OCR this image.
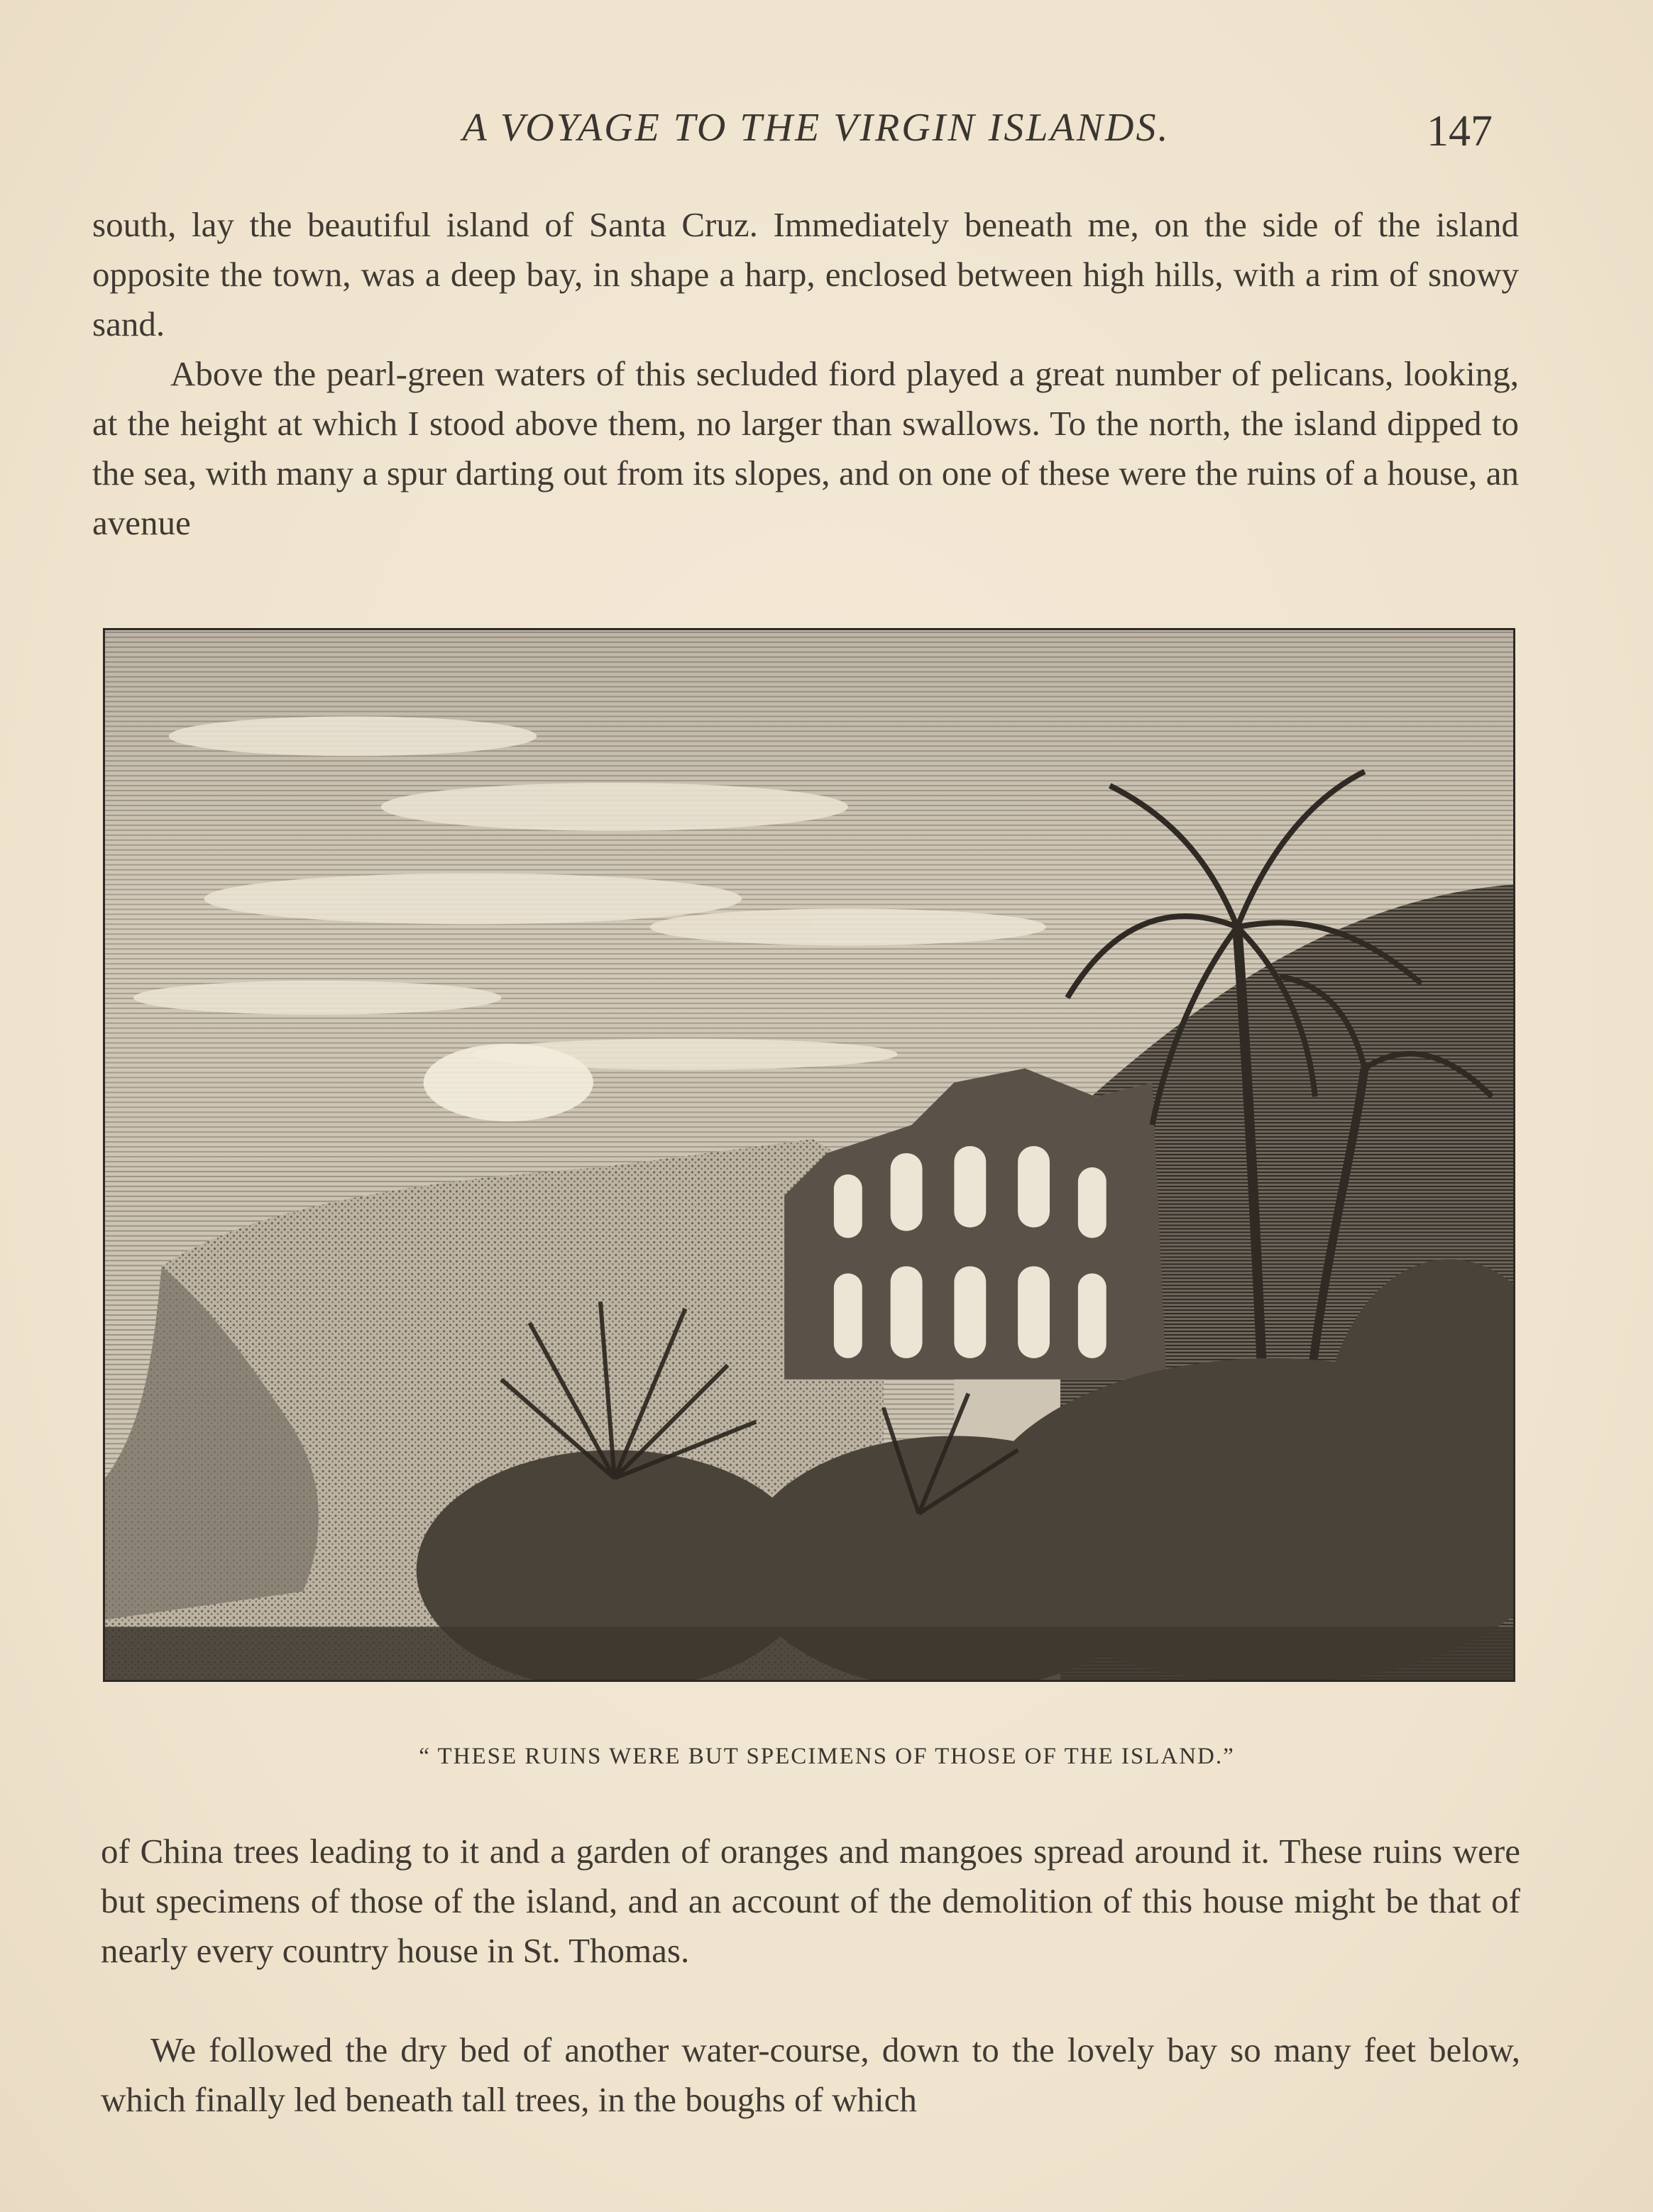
A VOYAGE TO THE VIRGIN ISLANDS.	147

south, lay the beautiful island of Santa Cruz. Immediately beneath me, on the side of the island opposite the town, was a deep bay, in shape a harp, enclosed between high hills, with a rim of snowy sand.

Above the pearl-green waters of this secluded fiord played a great number of pelicans, looking, at the height at which I stood above them, no larger than swallows. To the north, the island dipped to the sea, with many a spur darting out from its slopes, and on one of these were the ruins of a house, an avenue

“ THESE RUINS WERE BUT SPECIMENS OF THOSE OF THE ISLAND.”

of China trees leading to it and a garden of oranges and mangoes spread around it. These ruins were but specimens of those of the island, and an account of the demolition of this house might be that of nearly every country house in St. Thomas.

We followed the dry bed of another water-course, down to the lovely bay so many feet below, which finally led beneath tall trees, in the boughs of which
